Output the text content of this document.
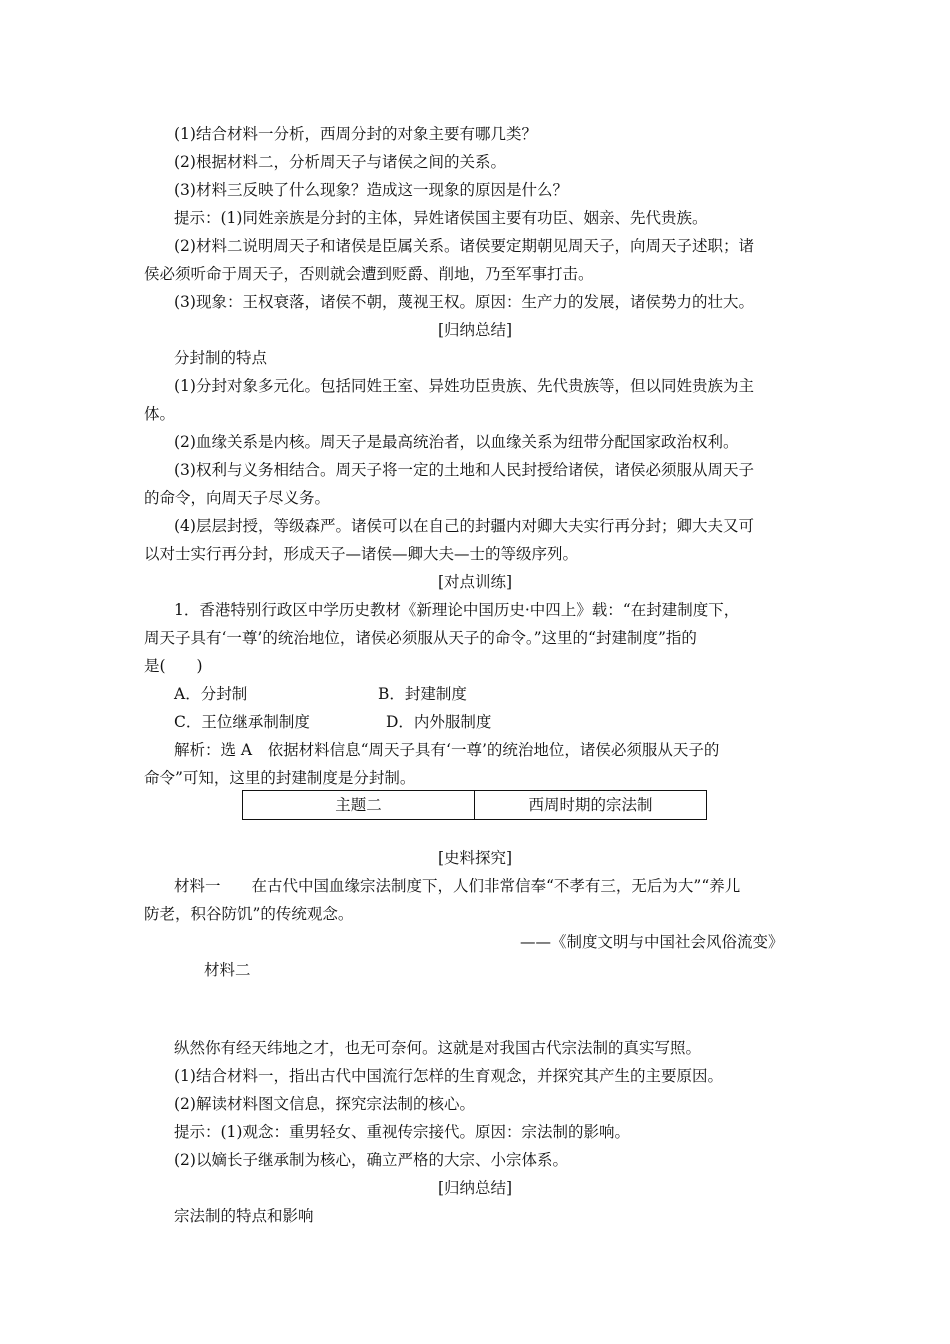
(1)结合材料一分析，西周分封的对象主要有哪几类？
(2)根据材料二，分析周天子与诸侯之间的关系。
(3)材料三反映了什么现象？造成这一现象的原因是什么？
提示：(1)同姓亲族是分封的主体，异姓诸侯国主要有功臣、姻亲、先代贵族。
(2)材料二说明周天子和诸侯是臣属关系。诸侯要定期朝见周天子，向周天子述职；诸
侯必须听命于周天子，否则就会遭到贬爵、削地，乃至军事打击。
(3)现象：王权衰落，诸侯不朝，蔑视王权。原因：生产力的发展，诸侯势力的壮大。
[归纳总结]
分封制的特点
(1)分封对象多元化。包括同姓王室、异姓功臣贵族、先代贵族等，但以同姓贵族为主
体。
(2)血缘关系是内核。周天子是最高统治者，以血缘关系为纽带分配国家政治权利。
(3)权利与义务相结合。周天子将一定的土地和人民封授给诸侯，诸侯必须服从周天子
的命令，向周天子尽义务。
(4)层层封授，等级森严。诸侯可以在自己的封疆内对卿大夫实行再分封；卿大夫又可
以对士实行再分封，形成天子—诸侯—卿大夫—士的等级序列。
[对点训练]
1．香港特别行政区中学历史教材《新理论中国历史·中四上》载：“在封建制度下，
周天子具有‘一尊’的统治地位，诸侯必须服从天子的命令。”这里的“封建制度”指的
是(　　)
A．分封制	B．封建制度
C．王位继承制制度	D．内外服制度
解析：选 A　依据材料信息“周天子具有‘一尊’的统治地位，诸侯必须服从天子的
命令”可知，这里的封建制度是分封制。
主题二	西周时期的宗法制
[史料探究]
材料一　　在古代中国血缘宗法制度下，人们非常信奉“不孝有三，无后为大”“养儿
防老，积谷防饥”的传统观念。
——《制度文明与中国社会风俗流变》
材料二
纵然你有经天纬地之才，也无可奈何。这就是对我国古代宗法制的真实写照。
(1)结合材料一，指出古代中国流行怎样的生育观念，并探究其产生的主要原因。
(2)解读材料图文信息，探究宗法制的核心。
提示：(1)观念：重男轻女、重视传宗接代。原因：宗法制的影响。
(2)以嫡长子继承制为核心，确立严格的大宗、小宗体系。
[归纳总结]
宗法制的特点和影响
